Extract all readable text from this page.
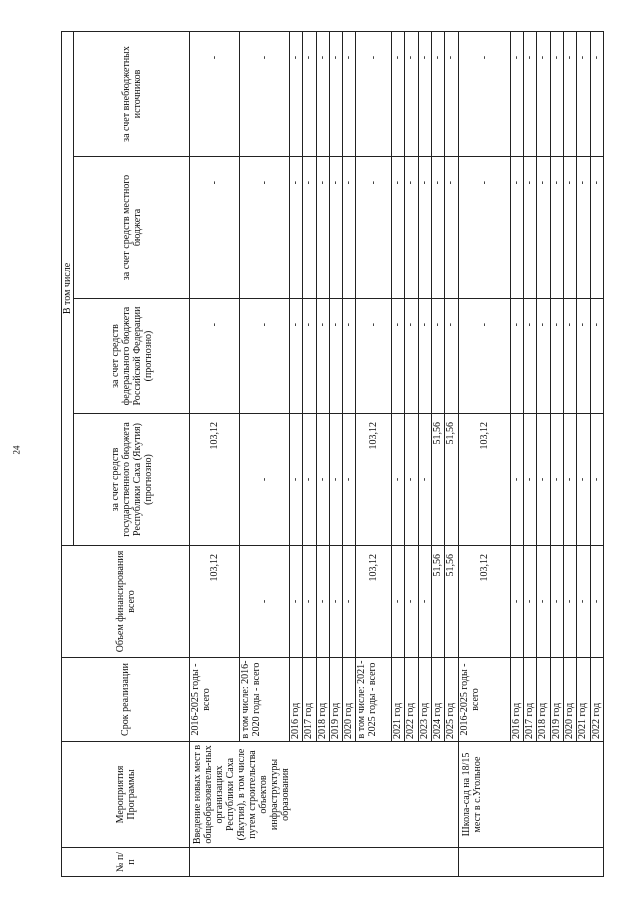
24
№ п/п	Мероприятия Программы	Срок реализации	Объем финансирования всего	В том числе			
				за счет средств государственного бюджета Республики Саха (Якутия) (прогнозно)	за счет средств федерального бюджета Российской Федерации (прогнозно)	за счет средств местного бюджета	за счет внебюджетных источников
	Введение новых мест в общеобразователь-ных организациях Республики Саха (Якутия), в том числе путем строительства объектов инфраструктуры образования	2016-2025 годы - всего	103,12	103,12	-	-	-
		в том числе: 2016-2020 годы - всего	-	-	-	-	-
		2016 год	-	-	-	-	-
		2017 год	-	-	-	-	-
		2018 год	-	-	-	-	-
		2019 год	-	-	-	-	-
		2020 год	-	-	-	-	-
		в том числе: 2021-2025 годы - всего	103,12	103,12	-	-	-
		2021 год	-	-	-	-	-
		2022 год	-	-	-	-	-
		2023 год	-	-	-	-	-
		2024 год	51,56	51,56	-	-	-
		2025 год	51,56	51,56	-	-	-
	Школа-сад на 18/15 мест в с.Угольное	2016-2025 годы - всего	103,12	103,12	-	-	-
		2016 год	-	-	-	-	-
		2017 год	-	-	-	-	-
		2018 год	-	-	-	-	-
		2019 год	-	-	-	-	-
		2020 год	-	-	-	-	-
		2021 год	-	-	-	-	-
		2022 год	-	-	-	-	-
